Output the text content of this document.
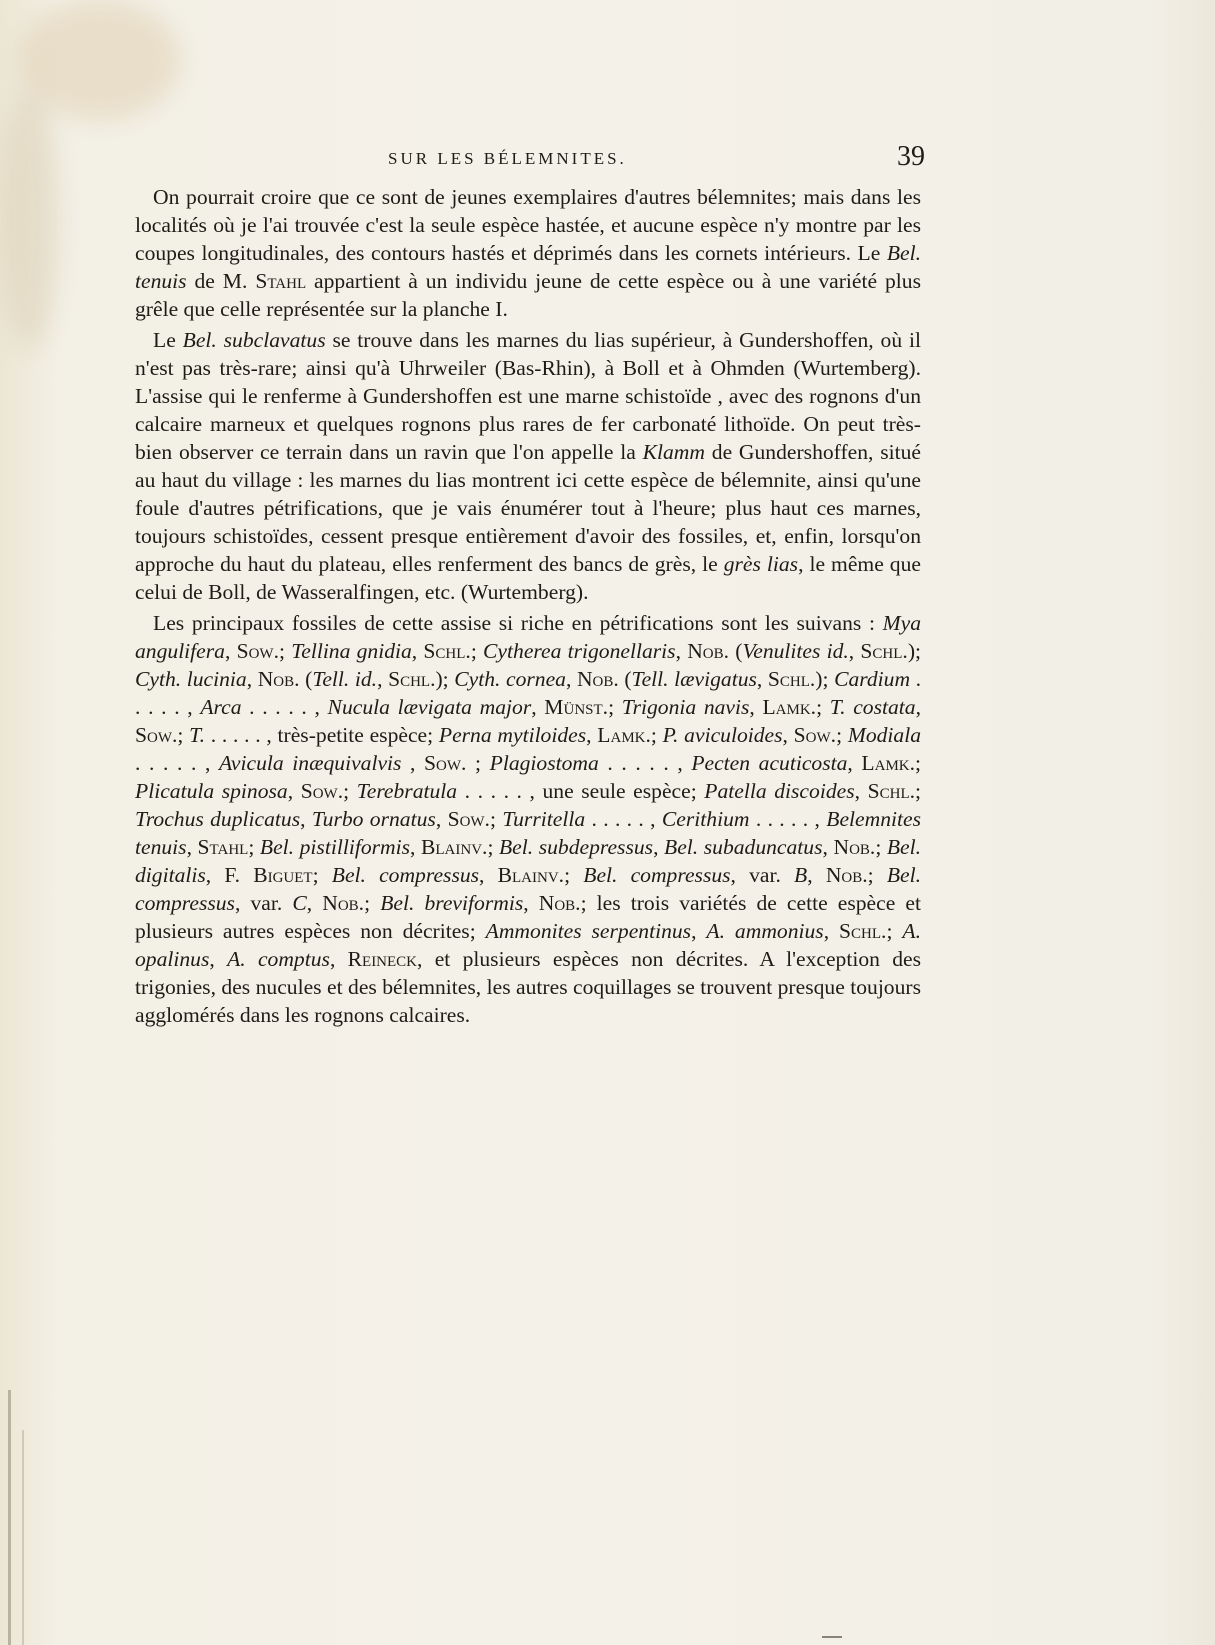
SUR LES BÉLEMNITES.	39

On pourrait croire que ce sont de jeunes exemplaires d'autres bélemnites; mais dans les localités où je l'ai trouvée c'est la seule espèce hastée, et aucune espèce n'y montre par les coupes longitudinales, des contours hastés et déprimés dans les cornets intérieurs. Le Bel. tenuis de M. Stahl appartient à un individu jeune de cette espèce ou à une variété plus grêle que celle représentée sur la planche I.

Le Bel. subclavatus se trouve dans les marnes du lias supérieur, à Gundershoffen, où il n'est pas très-rare; ainsi qu'à Uhrweiler (Bas-Rhin), à Boll et à Ohmden (Wurtemberg). L'assise qui le renferme à Gundershoffen est une marne schistoïde , avec des rognons d'un calcaire marneux et quelques rognons plus rares de fer carbonaté lithoïde. On peut très-bien observer ce terrain dans un ravin que l'on appelle la Klamm de Gundershoffen, situé au haut du village : les marnes du lias montrent ici cette espèce de bélemnite, ainsi qu'une foule d'autres pétrifications, que je vais énumérer tout à l'heure; plus haut ces marnes, toujours schistoïdes, cessent presque entièrement d'avoir des fossiles, et, enfin, lorsqu'on approche du haut du plateau, elles renferment des bancs de grès, le grès lias, le même que celui de Boll, de Wasseralfingen, etc. (Wurtemberg).

Les principaux fossiles de cette assise si riche en pétrifications sont les suivans : Mya angulifera, Sow.; Tellina gnidia, Schl.; Cytherea trigonellaris, Nob. (Venulites id., Schl.); Cyth. lucinia, Nob. (Tell. id., Schl.); Cyth. cornea, Nob. (Tell. lævigatus, Schl.); Cardium . . . . . , Arca . . . . . , Nucula lævigata major, Münst.; Trigonia navis, Lamk.; T. costata, Sow.; T. . . . . . , très-petite espèce; Perna mytiloides, Lamk.; P. aviculoides, Sow.; Modiala . . . . . , Avicula inæquivalvis , Sow. ; Plagiostoma . . . . . , Pecten acuticosta, Lamk.; Plicatula spinosa, Sow.; Terebratula . . . . . , une seule espèce; Patella discoides, Schl.; Trochus duplicatus, Turbo ornatus, Sow.; Turritella . . . . . , Cerithium . . . . . , Belemnites tenuis, Stahl; Bel. pistilliformis, Blainv.; Bel. subdepressus, Bel. subaduncatus, Nob.; Bel. digitalis, F. Biguet; Bel. compressus, Blainv.; Bel. compressus, var. B, Nob.; Bel. compressus, var. C, Nob.; Bel. breviformis, Nob.; les trois variétés de cette espèce et plusieurs autres espèces non décrites; Ammonites serpentinus, A. ammonius, Schl.; A. opalinus, A. comptus, Reineck, et plusieurs espèces non décrites. A l'exception des trigonies, des nucules et des bélemnites, les autres coquillages se trouvent presque toujours agglomérés dans les rognons calcaires.
